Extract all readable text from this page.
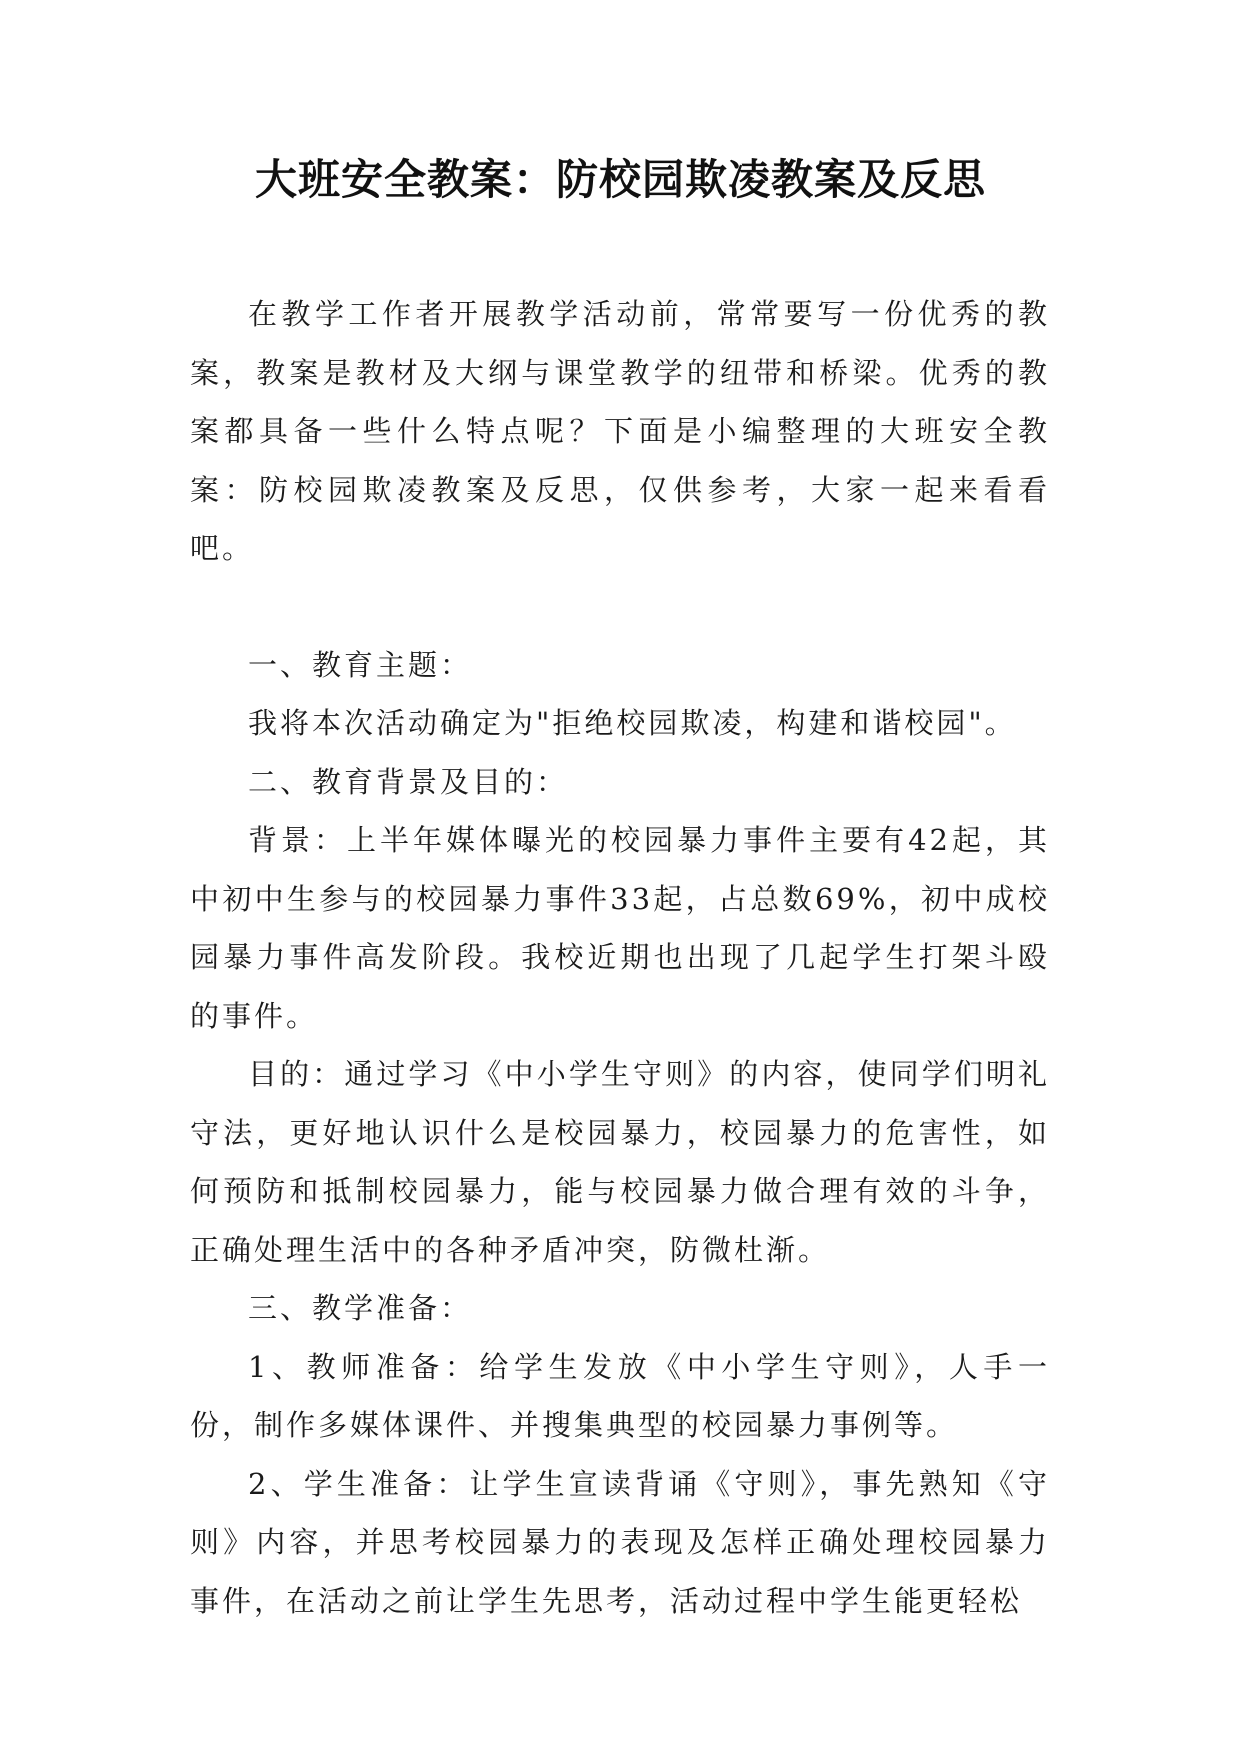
大班安全教案：防校园欺凌教案及反思

在教学工作者开展教学活动前，常常要写一份优秀的教案，教案是教材及大纲与课堂教学的纽带和桥梁。优秀的教案都具备一些什么特点呢？下面是小编整理的大班安全教案：防校园欺凌教案及反思，仅供参考，大家一起来看看吧。

一、教育主题：

我将本次活动确定为"拒绝校园欺凌，构建和谐校园"。

二、教育背景及目的：

背景：上半年媒体曝光的校园暴力事件主要有42起，其中初中生参与的校园暴力事件33起，占总数69%，初中成校园暴力事件高发阶段。我校近期也出现了几起学生打架斗殴的事件。

目的：通过学习《中小学生守则》的内容，使同学们明礼守法，更好地认识什么是校园暴力，校园暴力的危害性，如何预防和抵制校园暴力，能与校园暴力做合理有效的斗争，正确处理生活中的各种矛盾冲突，防微杜渐。

三、教学准备：

1、教师准备：给学生发放《中小学生守则》，人手一份，制作多媒体课件、并搜集典型的校园暴力事例等。

2、学生准备：让学生宣读背诵《守则》，事先熟知《守则》内容，并思考校园暴力的表现及怎样正确处理校园暴力事件，在活动之前让学生先思考，活动过程中学生能更轻松
